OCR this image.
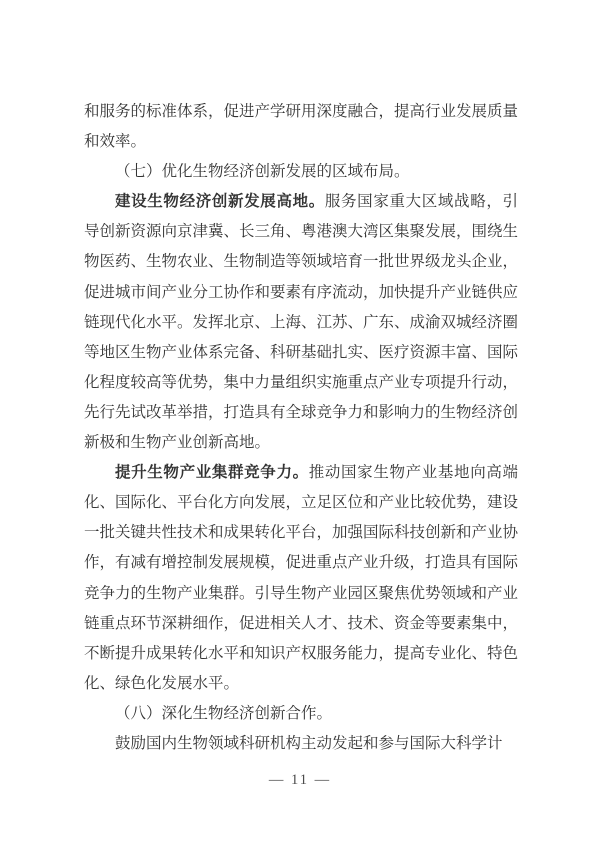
和服务的标准体系，促进产学研用深度融合，提高行业发展质量和效率。

（七）优化生物经济创新发展的区域布局。

建设生物经济创新发展高地。服务国家重大区域战略，引导创新资源向京津冀、长三角、粤港澳大湾区集聚发展，围绕生物医药、生物农业、生物制造等领域培育一批世界级龙头企业，促进城市间产业分工协作和要素有序流动，加快提升产业链供应链现代化水平。发挥北京、上海、江苏、广东、成渝双城经济圈等地区生物产业体系完备、科研基础扎实、医疗资源丰富、国际化程度较高等优势，集中力量组织实施重点产业专项提升行动，先行先试改革举措，打造具有全球竞争力和影响力的生物经济创新极和生物产业创新高地。

提升生物产业集群竞争力。推动国家生物产业基地向高端化、国际化、平台化方向发展，立足区位和产业比较优势，建设一批关键共性技术和成果转化平台，加强国际科技创新和产业协作，有减有增控制发展规模，促进重点产业升级，打造具有国际竞争力的生物产业集群。引导生物产业园区聚焦优势领域和产业链重点环节深耕细作，促进相关人才、技术、资金等要素集中，不断提升成果转化水平和知识产权服务能力，提高专业化、特色化、绿色化发展水平。

（八）深化生物经济创新合作。

鼓励国内生物领域科研机构主动发起和参与国际大科学计

— 11 —
